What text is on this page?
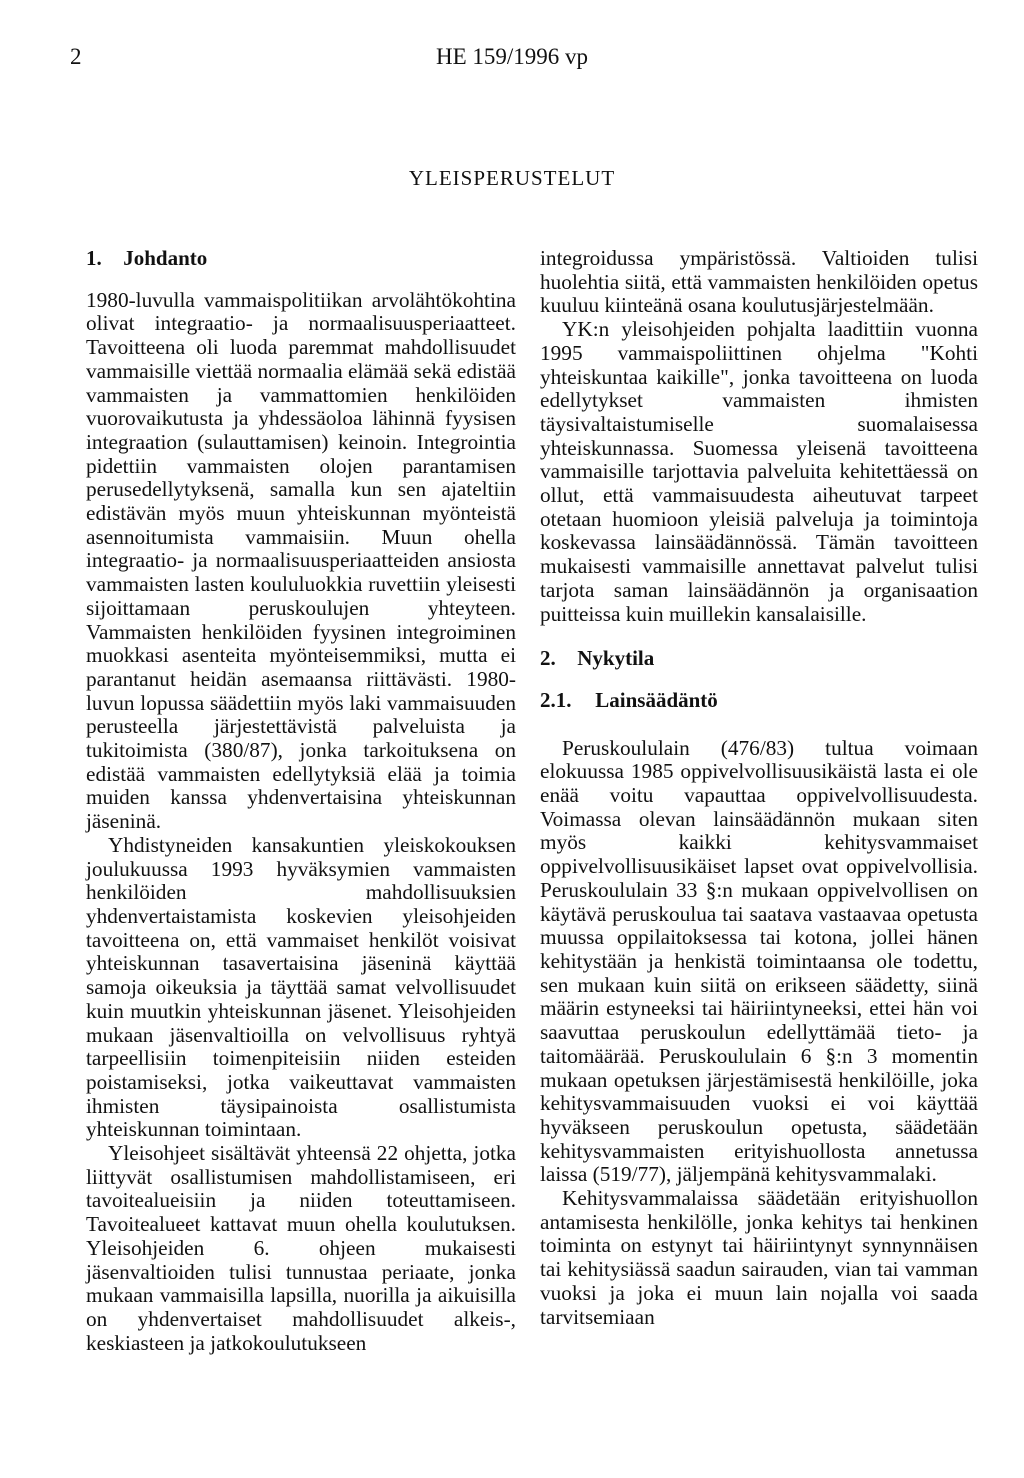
2	HE 159/1996 vp
YLEISPERUSTELUT
1. Johdanto

1980-luvulla vammaispolitiikan arvolähtökohtina olivat integraatio- ja normaalisuusperiaatteet. Tavoitteena oli luoda paremmat mahdollisuudet vammaisille viettää normaalia elämää sekä edistää vammaisten ja vammattomien henkilöiden vuorovaikutusta ja yhdessäoloa lähinnä fyysisen integraation (sulauttamisen) keinoin. Integrointia pidettiin vammaisten olojen parantamisen perusedellytyksenä, samalla kun sen ajateltiin edistävän myös muun yhteiskunnan myönteistä asennoitumista vammaisiin. Muun ohella integraatio- ja normaalisuusperiaatteiden ansiosta vammaisten lasten koululuokkia ruvettiin yleisesti sijoittamaan peruskoulujen yhteyteen. Vammaisten henkilöiden fyysinen integroiminen muokkasi asenteita myönteisemmiksi, mutta ei parantanut heidän asemaansa riittävästi. 1980-luvun lopussa säädettiin myös laki vammaisuuden perusteella järjestettävistä palveluista ja tukitoimista (380/87), jonka tarkoituksena on edistää vammaisten edellytyksiä elää ja toimia muiden kanssa yhdenvertaisina yhteiskunnan jäseninä.

Yhdistyneiden kansakuntien yleiskokouksen joulukuussa 1993 hyväksymien vammaisten henkilöiden mahdollisuuksien yhdenvertaistamista koskevien yleisohjeiden tavoitteena on, että vammaiset henkilöt voisivat yhteiskunnan tasavertaisina jäseninä käyttää samoja oikeuksia ja täyttää samat velvollisuudet kuin muutkin yhteiskunnan jäsenet. Yleisohjeiden mukaan jäsenvaltioilla on velvollisuus ryhtyä tarpeellisiin toimenpiteisiin niiden esteiden poistamiseksi, jotka vaikeuttavat vammaisten ihmisten täysipainoista osallistumista yhteiskunnan toimintaan.

Yleisohjeet sisältävät yhteensä 22 ohjetta, jotka liittyvät osallistumisen mahdollistamiseen, eri tavoitealueisiin ja niiden toteuttamiseen. Tavoitealueet kattavat muun ohella koulutuksen. Yleisohjeiden 6. ohjeen mukaisesti jäsenvaltioiden tulisi tunnustaa periaate, jonka mukaan vammaisilla lapsilla, nuorilla ja aikuisilla on yhdenvertaiset mahdollisuudet alkeis-, keskiasteen ja jatkokoulutukseen

integroidussa ympäristössä. Valtioiden tulisi huolehtia siitä, että vammaisten henkilöiden opetus kuuluu kiinteänä osana koulutusjärjestelmään.

YK:n yleisohjeiden pohjalta laadittiin vuonna 1995 vammaispoliittinen ohjelma "Kohti yhteiskuntaa kaikille", jonka tavoitteena on luoda edellytykset vammaisten ihmisten täysivaltaistumiselle suomalaisessa yhteiskunnassa. Suomessa yleisenä tavoitteena vammaisille tarjottavia palveluita kehitettäessä on ollut, että vammaisuudesta aiheutuvat tarpeet otetaan huomioon yleisiä palveluja ja toimintoja koskevassa lainsäädännössä. Tämän tavoitteen mukaisesti vammaisille annettavat palvelut tulisi tarjota saman lainsäädännön ja organisaation puitteissa kuin muillekin kansalaisille.

2. Nykytila
2.1. Lainsäädäntö

Peruskoululain (476/83) tultua voimaan elokuussa 1985 oppivelvollisuusikäistä lasta ei ole enää voitu vapauttaa oppivelvollisuudesta. Voimassa olevan lainsäädännön mukaan siten myös kaikki kehitysvammaiset oppivelvollisuusikäiset lapset ovat oppivelvollisia. Peruskoululain 33 §:n mukaan oppivelvollisen on käytävä peruskoulua tai saatava vastaavaa opetusta muussa oppilaitoksessa tai kotona, jollei hänen kehitystään ja henkistä toimintaansa ole todettu, sen mukaan kuin siitä on erikseen säädetty, siinä määrin estyneeksi tai häiriintyneeksi, ettei hän voi saavuttaa peruskoulun edellyttämää tieto- ja taitomäärää. Peruskoululain 6 §:n 3 momentin mukaan opetuksen järjestämisestä henkilöille, joka kehitysvammaisuuden vuoksi ei voi käyttää hyväkseen peruskoulun opetusta, säädetään kehitysvammaisten erityishuollosta annetussa laissa (519/77), jäljempänä kehitysvammalaki.

Kehitysvammalaissa säädetään erityishuollon antamisesta henkilölle, jonka kehitys tai henkinen toiminta on estynyt tai häiriintynyt synnynnäisen tai kehitysiässä saadun sairauden, vian tai vamman vuoksi ja joka ei muun lain nojalla voi saada tarvitsemiaan
